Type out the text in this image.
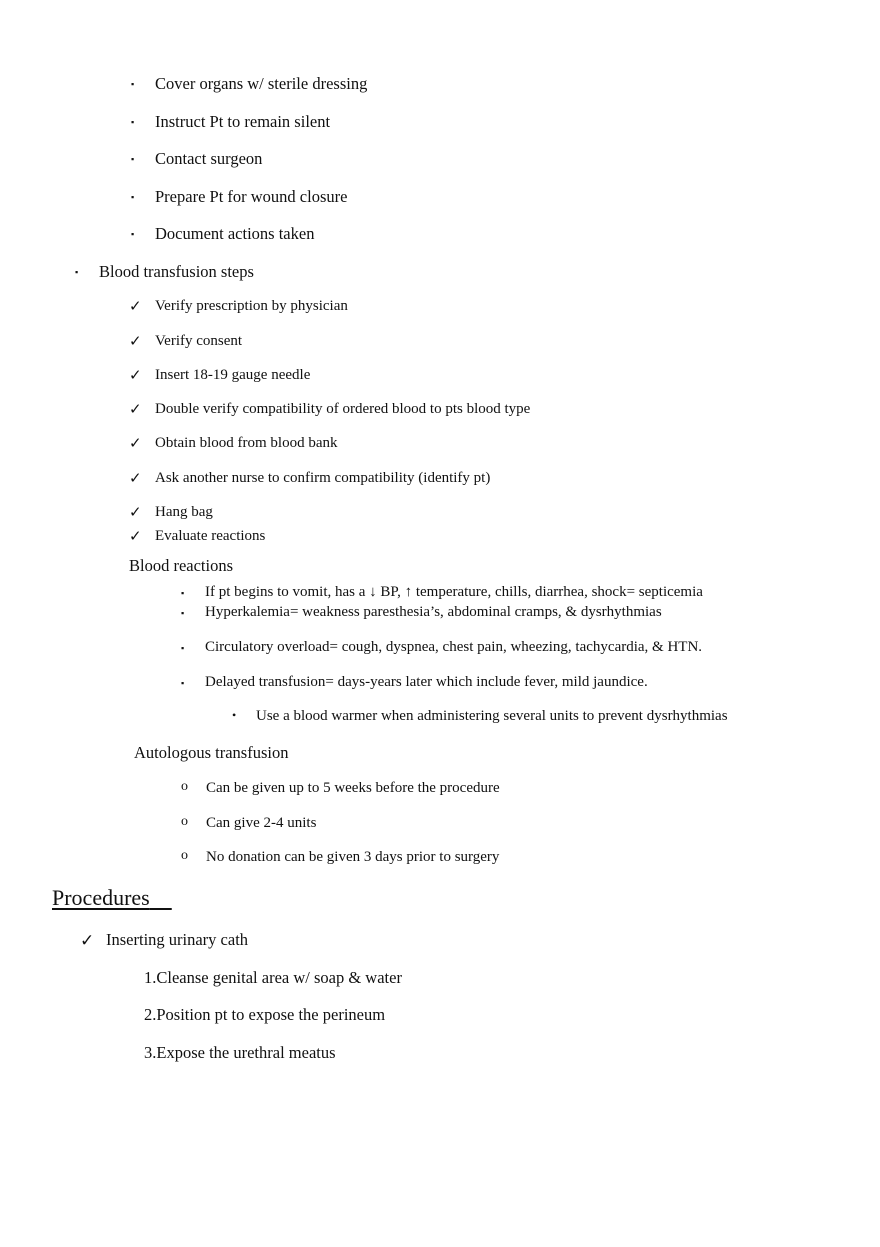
▪ Cover organs w/ sterile dressing
▪ Instruct Pt to remain silent
▪ Contact surgeon
▪ Prepare Pt for wound closure
▪ Document actions taken
▪ Blood transfusion steps
✓ Verify prescription by physician
✓ Verify consent
✓ Insert 18-19 gauge needle
✓ Double verify compatibility of ordered blood to pts blood type
✓ Obtain blood from blood bank
✓ Ask another nurse to confirm compatibility (identify pt)
✓ Hang bag
✓ Evaluate reactions
Blood reactions
▪ If pt begins to vomit, has a ↓ BP, ↑ temperature, chills, diarrhea, shock= septicemia
▪ Hyperkalemia= weakness paresthesia’s, abdominal cramps, & dysrhythmias
▪ Circulatory overload= cough, dyspnea, chest pain, wheezing, tachycardia, & HTN.
▪ Delayed transfusion= days-years later which include fever, mild jaundice.
• Use a blood warmer when administering several units to prevent dysrhythmias
Autologous transfusion
o Can be given up to 5 weeks before the procedure
o Can give 2-4 units
o No donation can be given 3 days prior to surgery
Procedures
✓ Inserting urinary cath
1.Cleanse genital area w/ soap & water
2.Position pt to expose the perineum
3.Expose the urethral meatus
